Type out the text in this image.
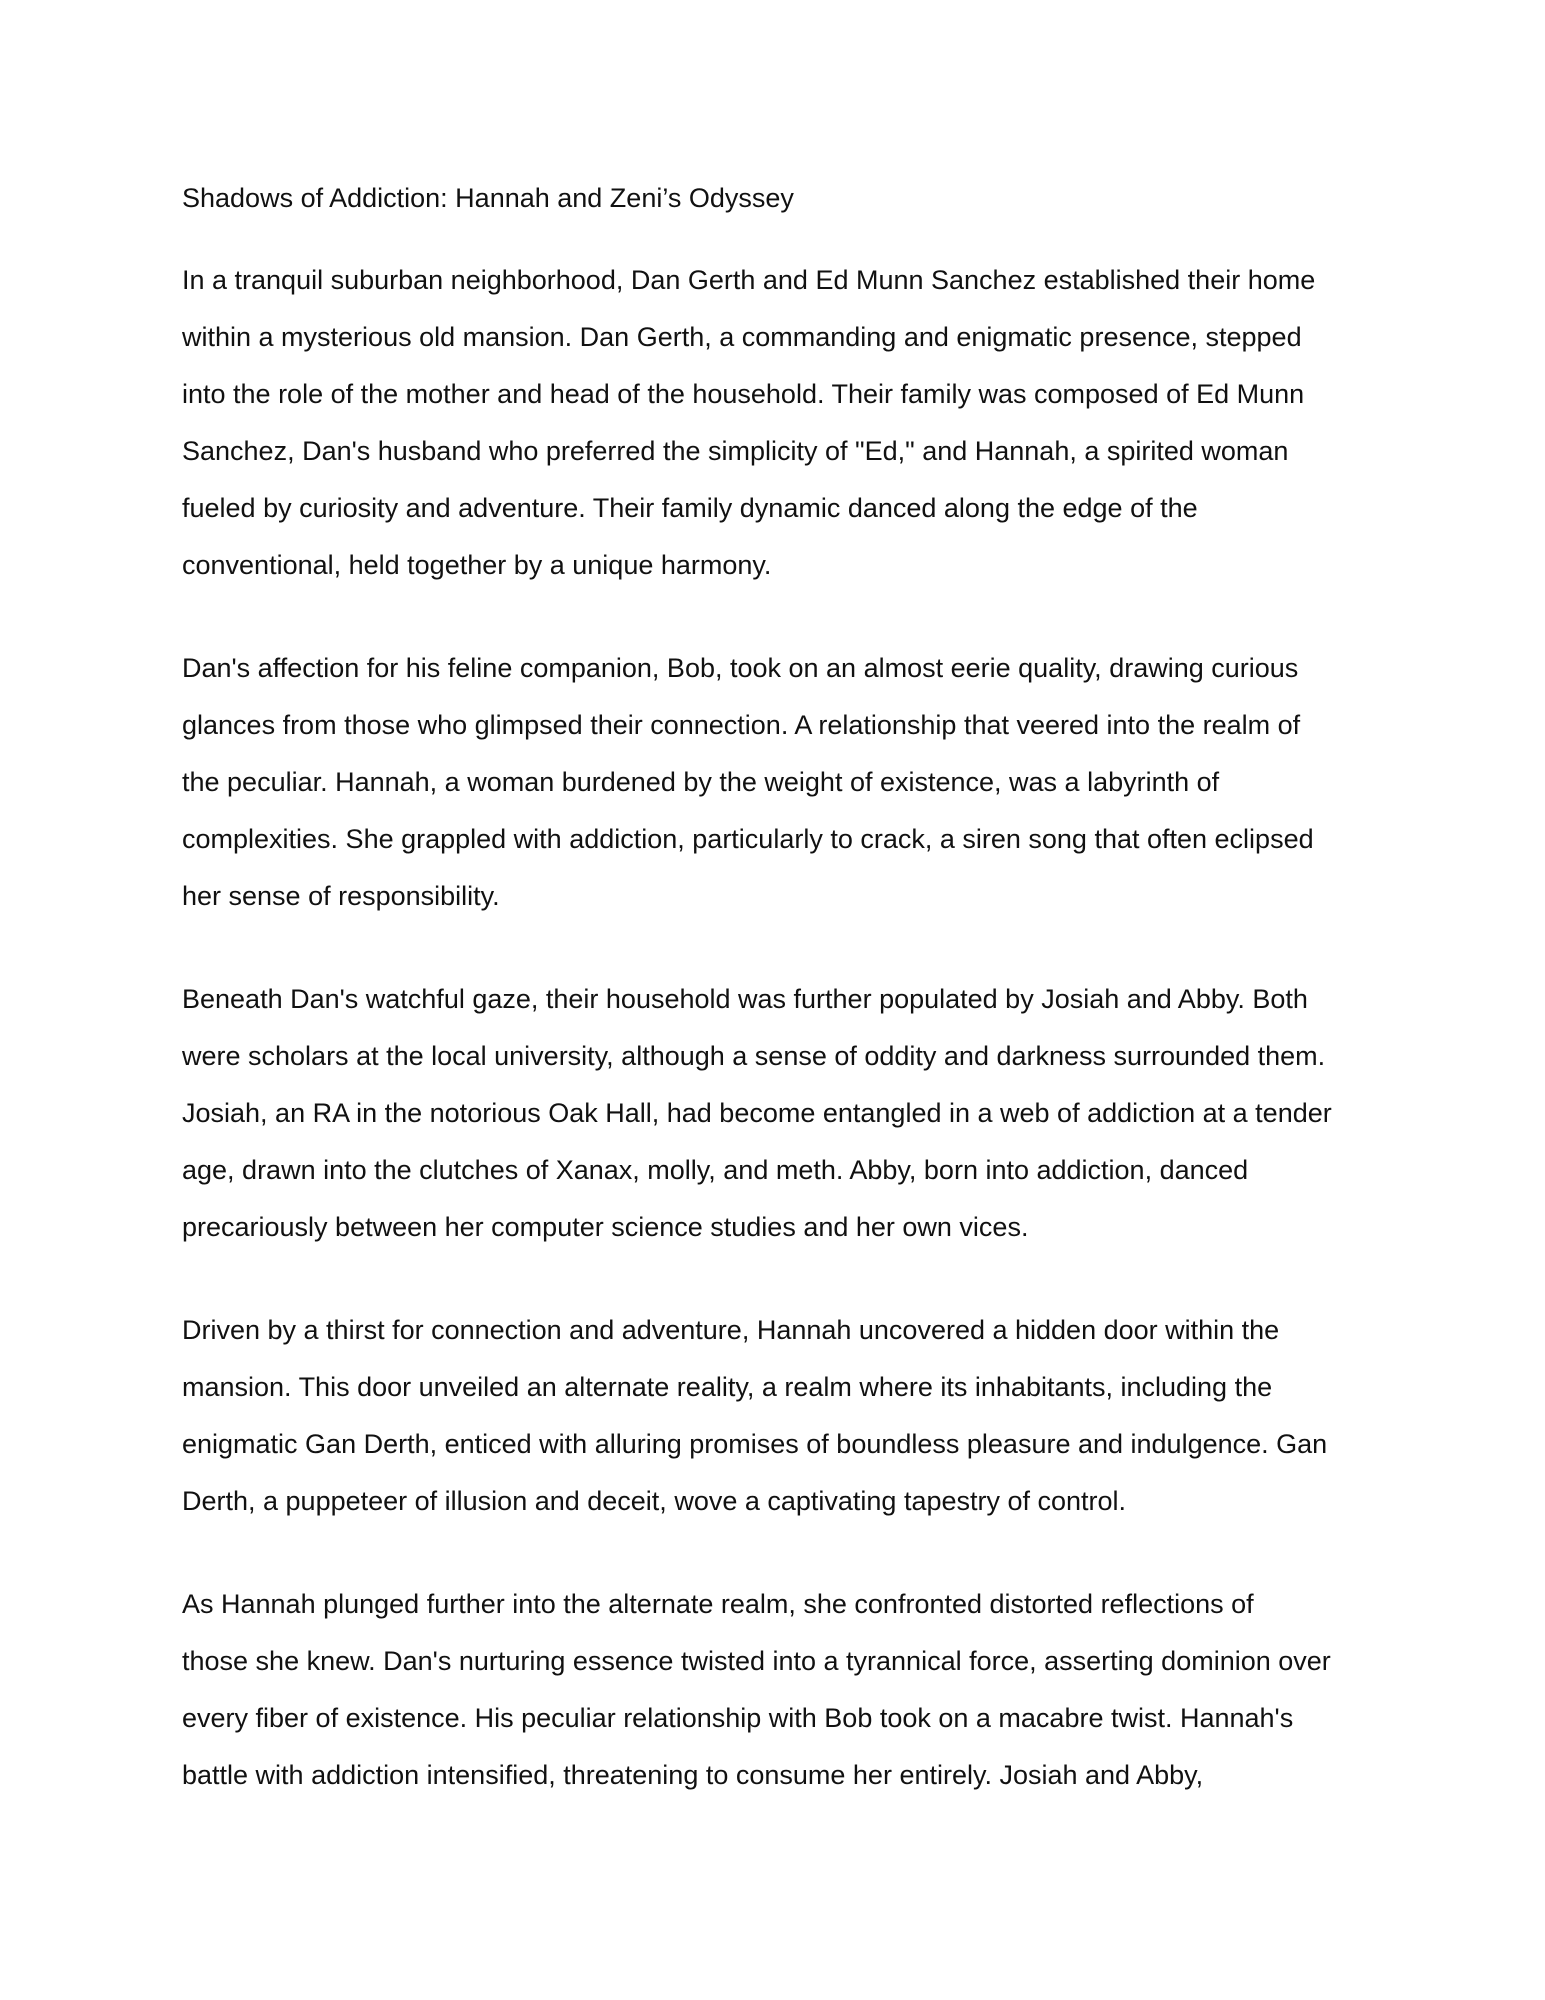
Shadows of Addiction: Hannah and Zeni’s Odyssey
In a tranquil suburban neighborhood, Dan Gerth and Ed Munn Sanchez established their home
within a mysterious old mansion. Dan Gerth, a commanding and enigmatic presence, stepped
into the role of the mother and head of the household. Their family was composed of Ed Munn
Sanchez, Dan's husband who preferred the simplicity of "Ed," and Hannah, a spirited woman
fueled by curiosity and adventure. Their family dynamic danced along the edge of the
conventional, held together by a unique harmony.
Dan's affection for his feline companion, Bob, took on an almost eerie quality, drawing curious
glances from those who glimpsed their connection. A relationship that veered into the realm of
the peculiar. Hannah, a woman burdened by the weight of existence, was a labyrinth of
complexities. She grappled with addiction, particularly to crack, a siren song that often eclipsed
her sense of responsibility.
Beneath Dan's watchful gaze, their household was further populated by Josiah and Abby. Both
were scholars at the local university, although a sense of oddity and darkness surrounded them.
Josiah, an RA in the notorious Oak Hall, had become entangled in a web of addiction at a tender
age, drawn into the clutches of Xanax, molly, and meth. Abby, born into addiction, danced
precariously between her computer science studies and her own vices.
Driven by a thirst for connection and adventure, Hannah uncovered a hidden door within the
mansion. This door unveiled an alternate reality, a realm where its inhabitants, including the
enigmatic Gan Derth, enticed with alluring promises of boundless pleasure and indulgence. Gan
Derth, a puppeteer of illusion and deceit, wove a captivating tapestry of control.
As Hannah plunged further into the alternate realm, she confronted distorted reflections of
those she knew. Dan's nurturing essence twisted into a tyrannical force, asserting dominion over
every fiber of existence. His peculiar relationship with Bob took on a macabre twist. Hannah's
battle with addiction intensified, threatening to consume her entirely. Josiah and Abby,
